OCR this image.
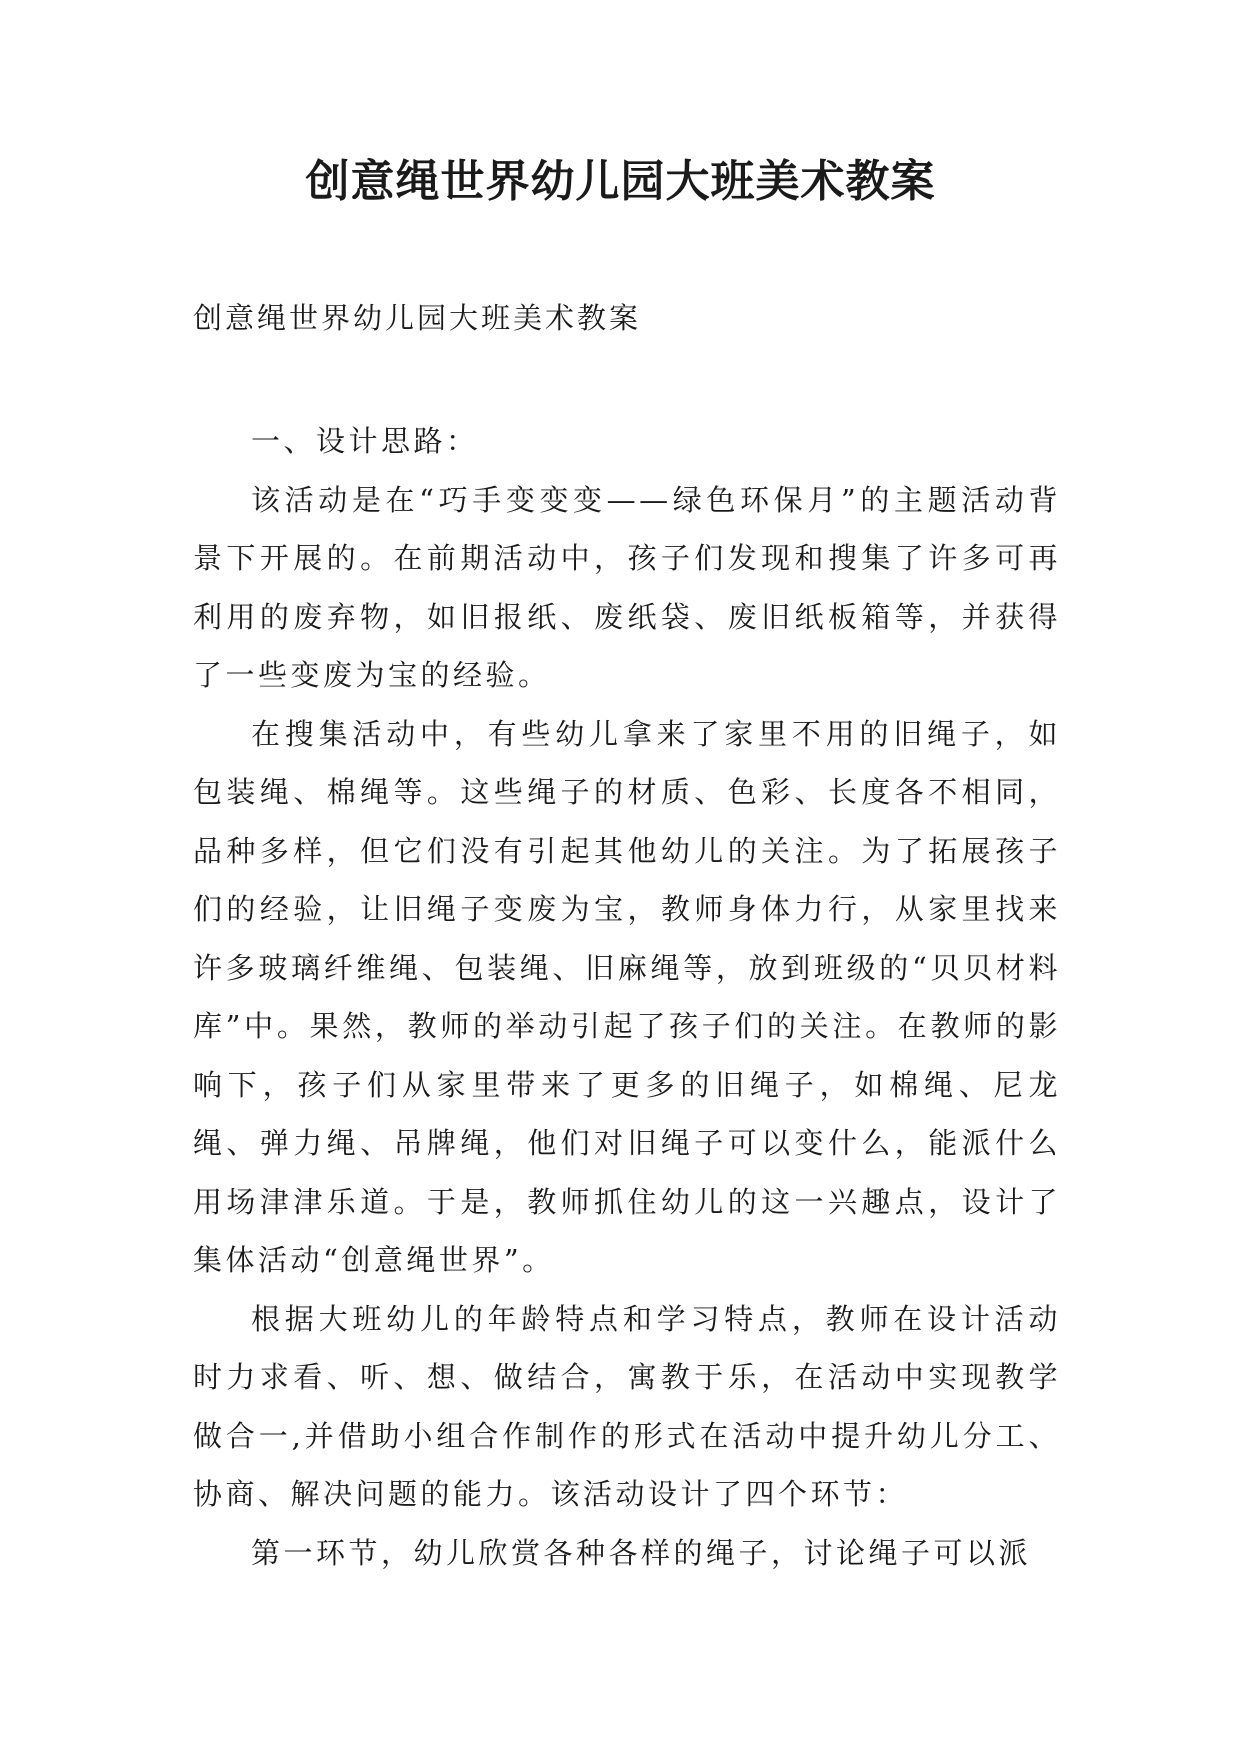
创意绳世界幼儿园大班美术教案
创意绳世界幼儿园大班美术教案

一、设计思路：

该活动是在“巧手变变变——绿色环保月”的主题活动背景下开展的。在前期活动中，孩子们发现和搜集了许多可再利用的废弃物，如旧报纸、废纸袋、废旧纸板箱等，并获得了一些变废为宝的经验。

在搜集活动中，有些幼儿拿来了家里不用的旧绳子，如包装绳、棉绳等。这些绳子的材质、色彩、长度各不相同，品种多样，但它们没有引起其他幼儿的关注。为了拓展孩子们的经验，让旧绳子变废为宝，教师身体力行，从家里找来许多玻璃纤维绳、包装绳、旧麻绳等，放到班级的“贝贝材料库”中。果然，教师的举动引起了孩子们的关注。在教师的影响下，孩子们从家里带来了更多的旧绳子，如棉绳、尼龙绳、弹力绳、吊牌绳，他们对旧绳子可以变什么，能派什么用场津津乐道。于是，教师抓住幼儿的这一兴趣点，设计了集体活动“创意绳世界”。

根据大班幼儿的年龄特点和学习特点，教师在设计活动时力求看、听、想、做结合，寓教于乐，在活动中实现教学做合一,并借助小组合作制作的形式在活动中提升幼儿分工、协商、解决问题的能力。该活动设计了四个环节：

第一环节，幼儿欣赏各种各样的绳子，讨论绳子可以派
